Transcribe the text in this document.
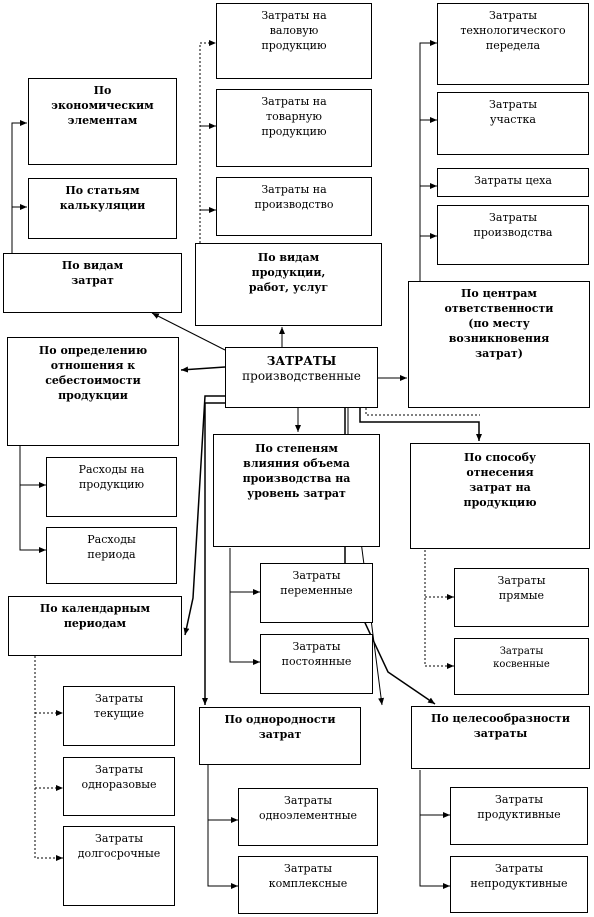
ЗАТРАТЫ
производственные
Затраты на
валовую
продукцию
Затраты на
товарную
продукцию
Затраты на
производство
По видам
продукции,
работ, услуг
Затраты
технологического
передела
Затраты
участка
Затраты цеха
Затраты
производства
По центрам
ответственности
(по месту
возникновения
затрат)
По
экономическим
элементам
По статьям
калькуляции
По видам
затрат
По определению
отношения к
себестоимости
продукции
Расходы на
продукцию
Расходы
периода
По степеням
влияния объема
производства на
уровень затрат
Затраты
переменные
Затраты
постоянные
По способу
отнесения
затрат на
продукцию
Затраты
прямые
Затраты
косвенные
По календарным
периодам
Затраты
текущие
Затраты
одноразовые
Затраты
долгосрочные
По однородности
затрат
Затраты
одноэлементные
Затраты
комплексные
По целесообразности
затраты
Затраты
продуктивные
Затраты
непродуктивные
